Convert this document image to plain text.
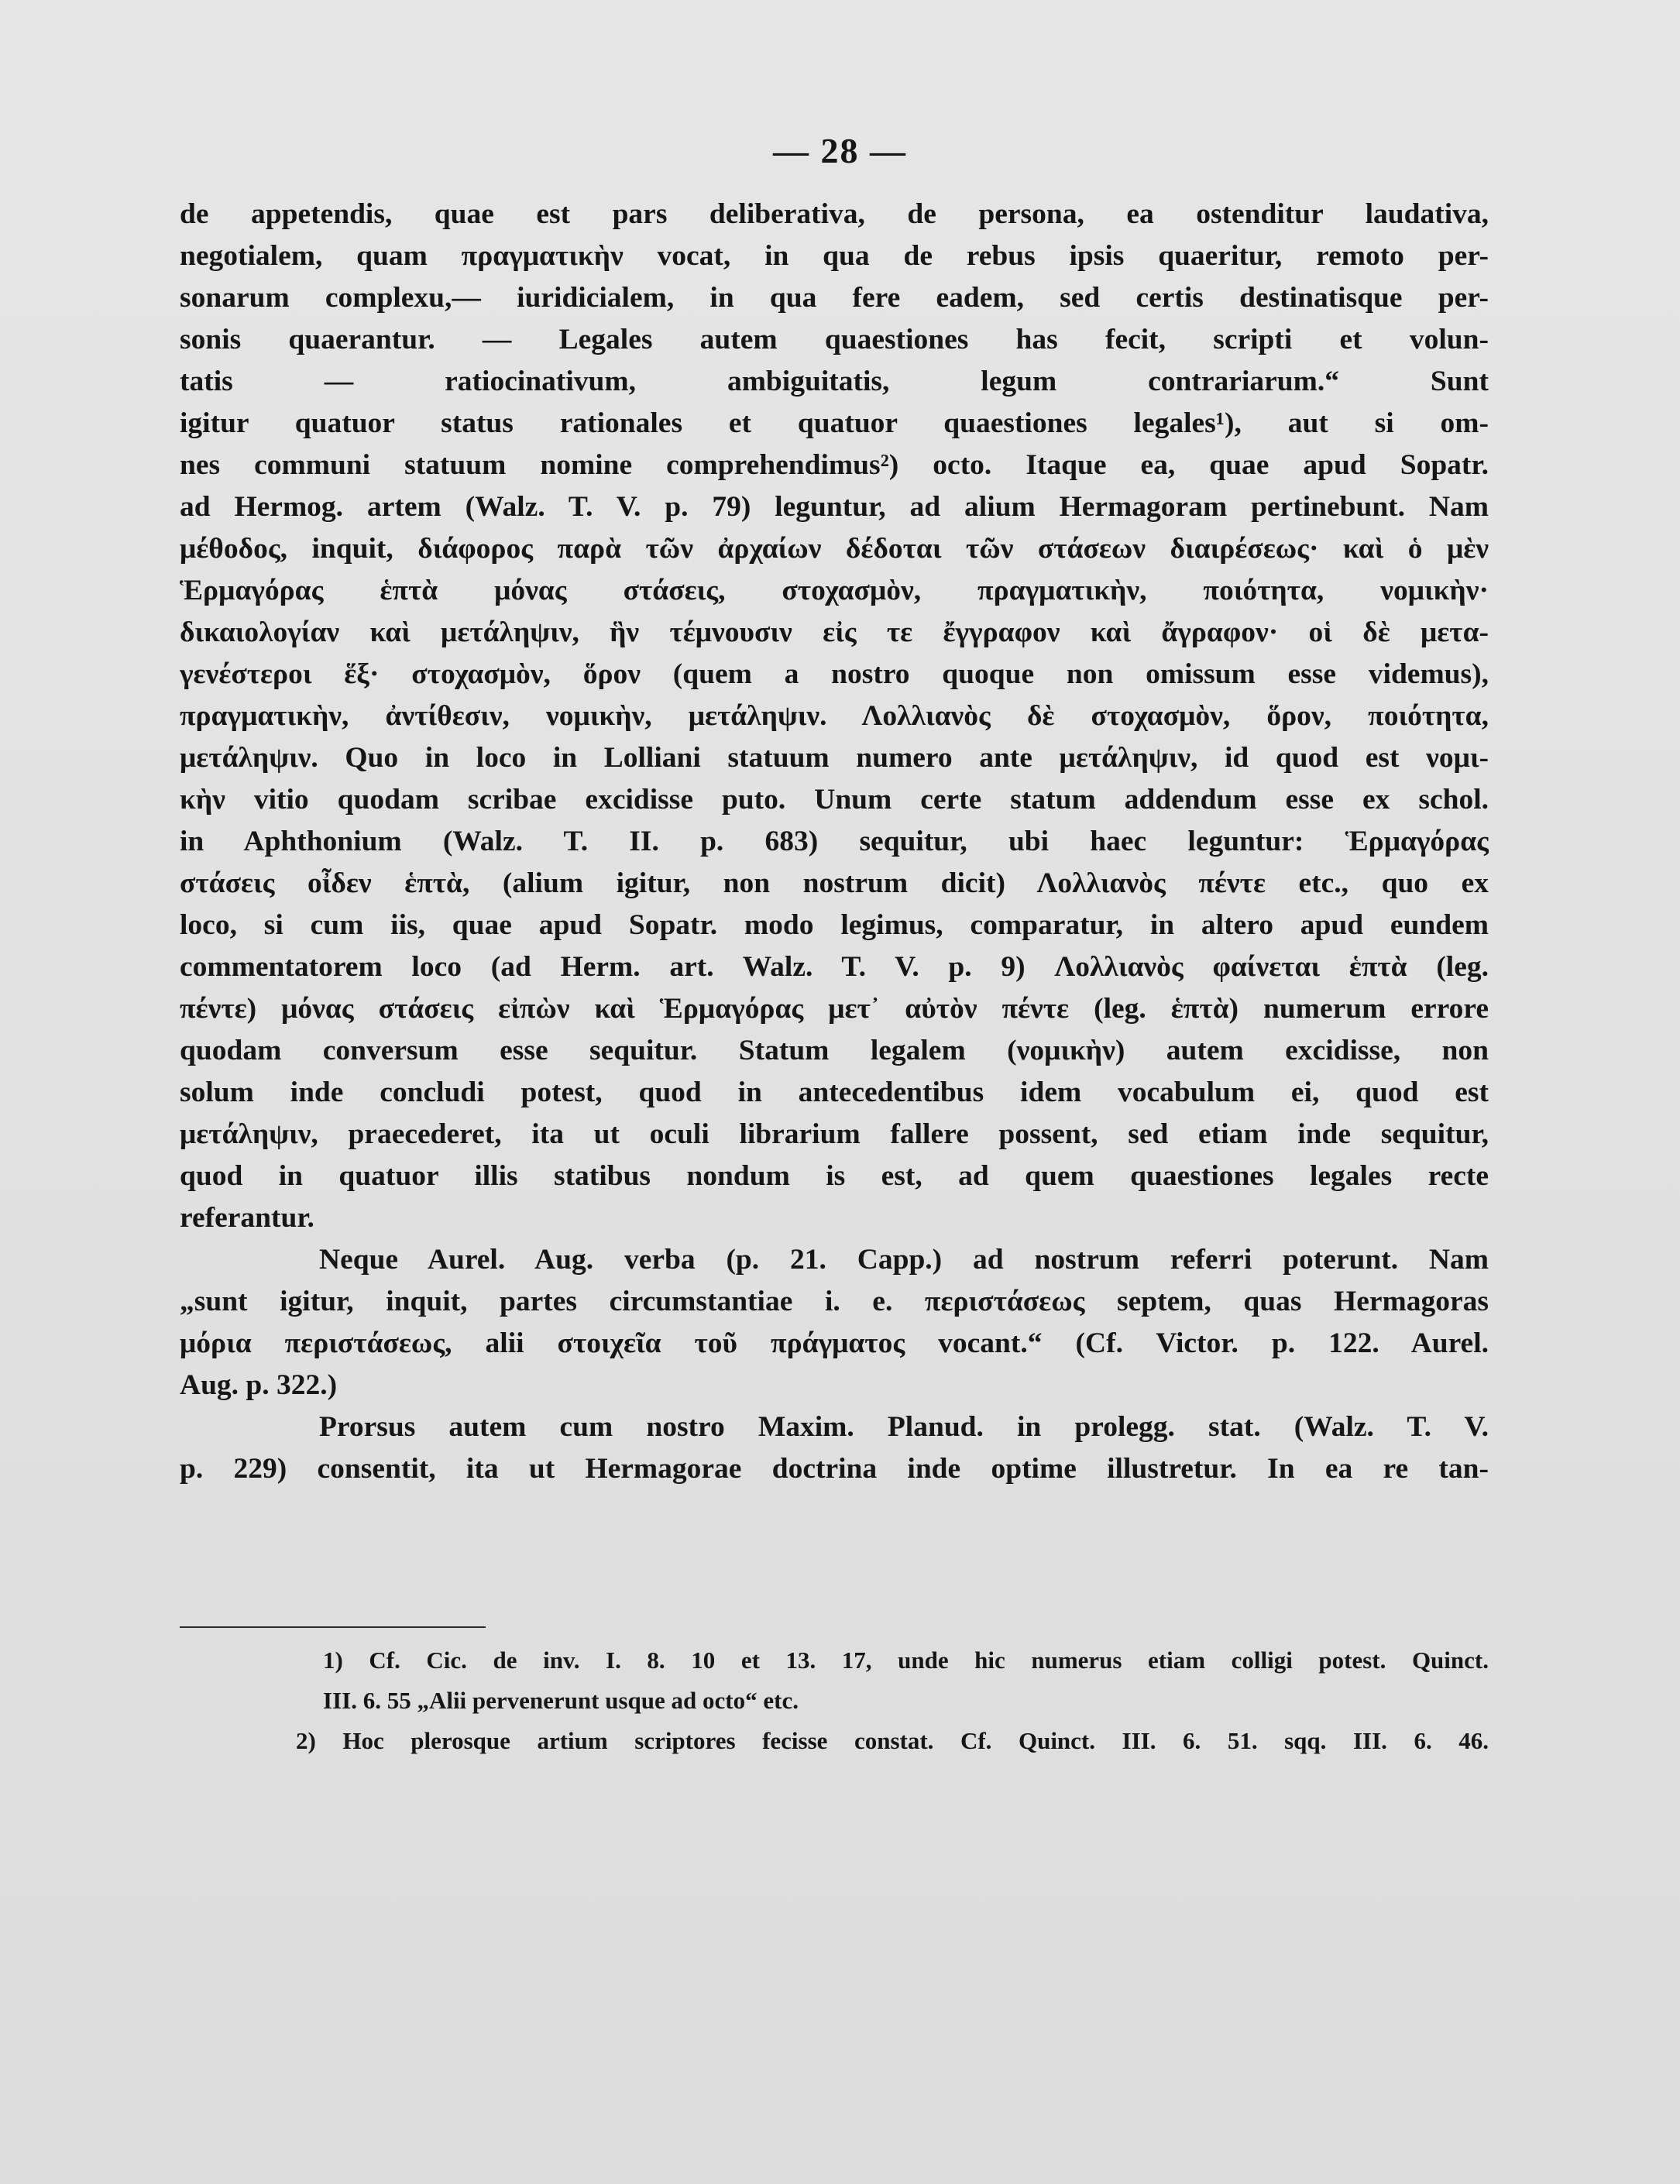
— 28 —
de appetendis, quae est pars deliberativa, de persona, ea ostenditur laudativa,
negotialem, quam πραγματικὴν vocat, in qua de rebus ipsis quaeritur, remoto per-
sonarum complexu,— iuridicialem, in qua fere eadem, sed certis destinatisque per-
sonis quaerantur. — Legales autem quaestiones has fecit, scripti et volun-
tatis — ratiocinativum, ambiguitatis, legum contrariarum.“ Sunt
igitur quatuor status rationales et quatuor quaestiones legales¹), aut si om-
nes communi statuum nomine comprehendimus²) octo. Itaque ea, quae apud Sopatr.
ad Hermog. artem (Walz. T. V. p. 79) leguntur, ad alium Hermagoram pertinebunt. Nam
μέθοδος, inquit, διάφορος παρὰ τῶν ἀρχαίων δέδοται τῶν στάσεων διαιρέσεως· καὶ ὁ μὲν
Ἑρμαγόρας ἑπτὰ μόνας στάσεις, στοχασμὸν, πραγματικὴν, ποιότητα, νομικὴν·
δικαιολογίαν καὶ μετάληψιν, ἣν τέμνουσιν εἰς τε ἔγγραφον καὶ ἄγραφον· οἱ δὲ μετα-
γενέστεροι ἕξ· στοχασμὸν, ὅρον (quem a nostro quoque non omissum esse videmus),
πραγματικὴν, ἀντίθεσιν, νομικὴν, μετάληψιν. Λολλιανὸς δὲ στοχασμὸν, ὅρον, ποιότητα,
μετάληψιν. Quo in loco in Lolliani statuum numero ante μετάληψιν, id quod est νομι-
κὴν vitio quodam scribae excidisse puto. Unum certe statum addendum esse ex schol.
in Aphthonium (Walz. T. II. p. 683) sequitur, ubi haec leguntur: Ἑρμαγόρας
στάσεις οἶδεν ἑπτὰ, (alium igitur, non nostrum dicit) Λολλιανὸς πέντε etc., quo ex
loco, si cum iis, quae apud Sopatr. modo legimus, comparatur, in altero apud eundem
commentatorem loco (ad Herm. art. Walz. T. V. p. 9) Λολλιανὸς φαίνεται ἑπτὰ (leg.
πέντε) μόνας στάσεις εἰπὼν καὶ Ἑρμαγόρας μετ᾽ αὐτὸν πέντε (leg. ἑπτὰ) numerum errore
quodam conversum esse sequitur. Statum legalem (νομικὴν) autem excidisse, non
solum inde concludi potest, quod in antecedentibus idem vocabulum ei, quod est
μετάληψιν, praecederet, ita ut oculi librarium fallere possent, sed etiam inde sequitur,
quod in quatuor illis statibus nondum is est, ad quem quaestiones legales recte
referantur.
Neque Aurel. Aug. verba (p. 21. Capp.) ad nostrum referri poterunt. Nam
„sunt igitur, inquit, partes circumstantiae i. e. περιστάσεως septem, quas Hermagoras
μόρια περιστάσεως, alii στοιχεῖα τοῦ πράγματος vocant.“ (Cf. Victor. p. 122. Aurel.
Aug. p. 322.)
Prorsus autem cum nostro Maxim. Planud. in prolegg. stat. (Walz. T. V.
p. 229) consentit, ita ut Hermagorae doctrina inde optime illustretur. In ea re tan-
1) Cf. Cic. de inv. I. 8. 10 et 13. 17, unde hic numerus etiam colligi potest. Quinct.
III. 6. 55 „Alii pervenerunt usque ad octo“ etc.
2) Hoc plerosque artium scriptores fecisse constat. Cf. Quinct. III. 6. 51. sqq. III. 6. 46.
